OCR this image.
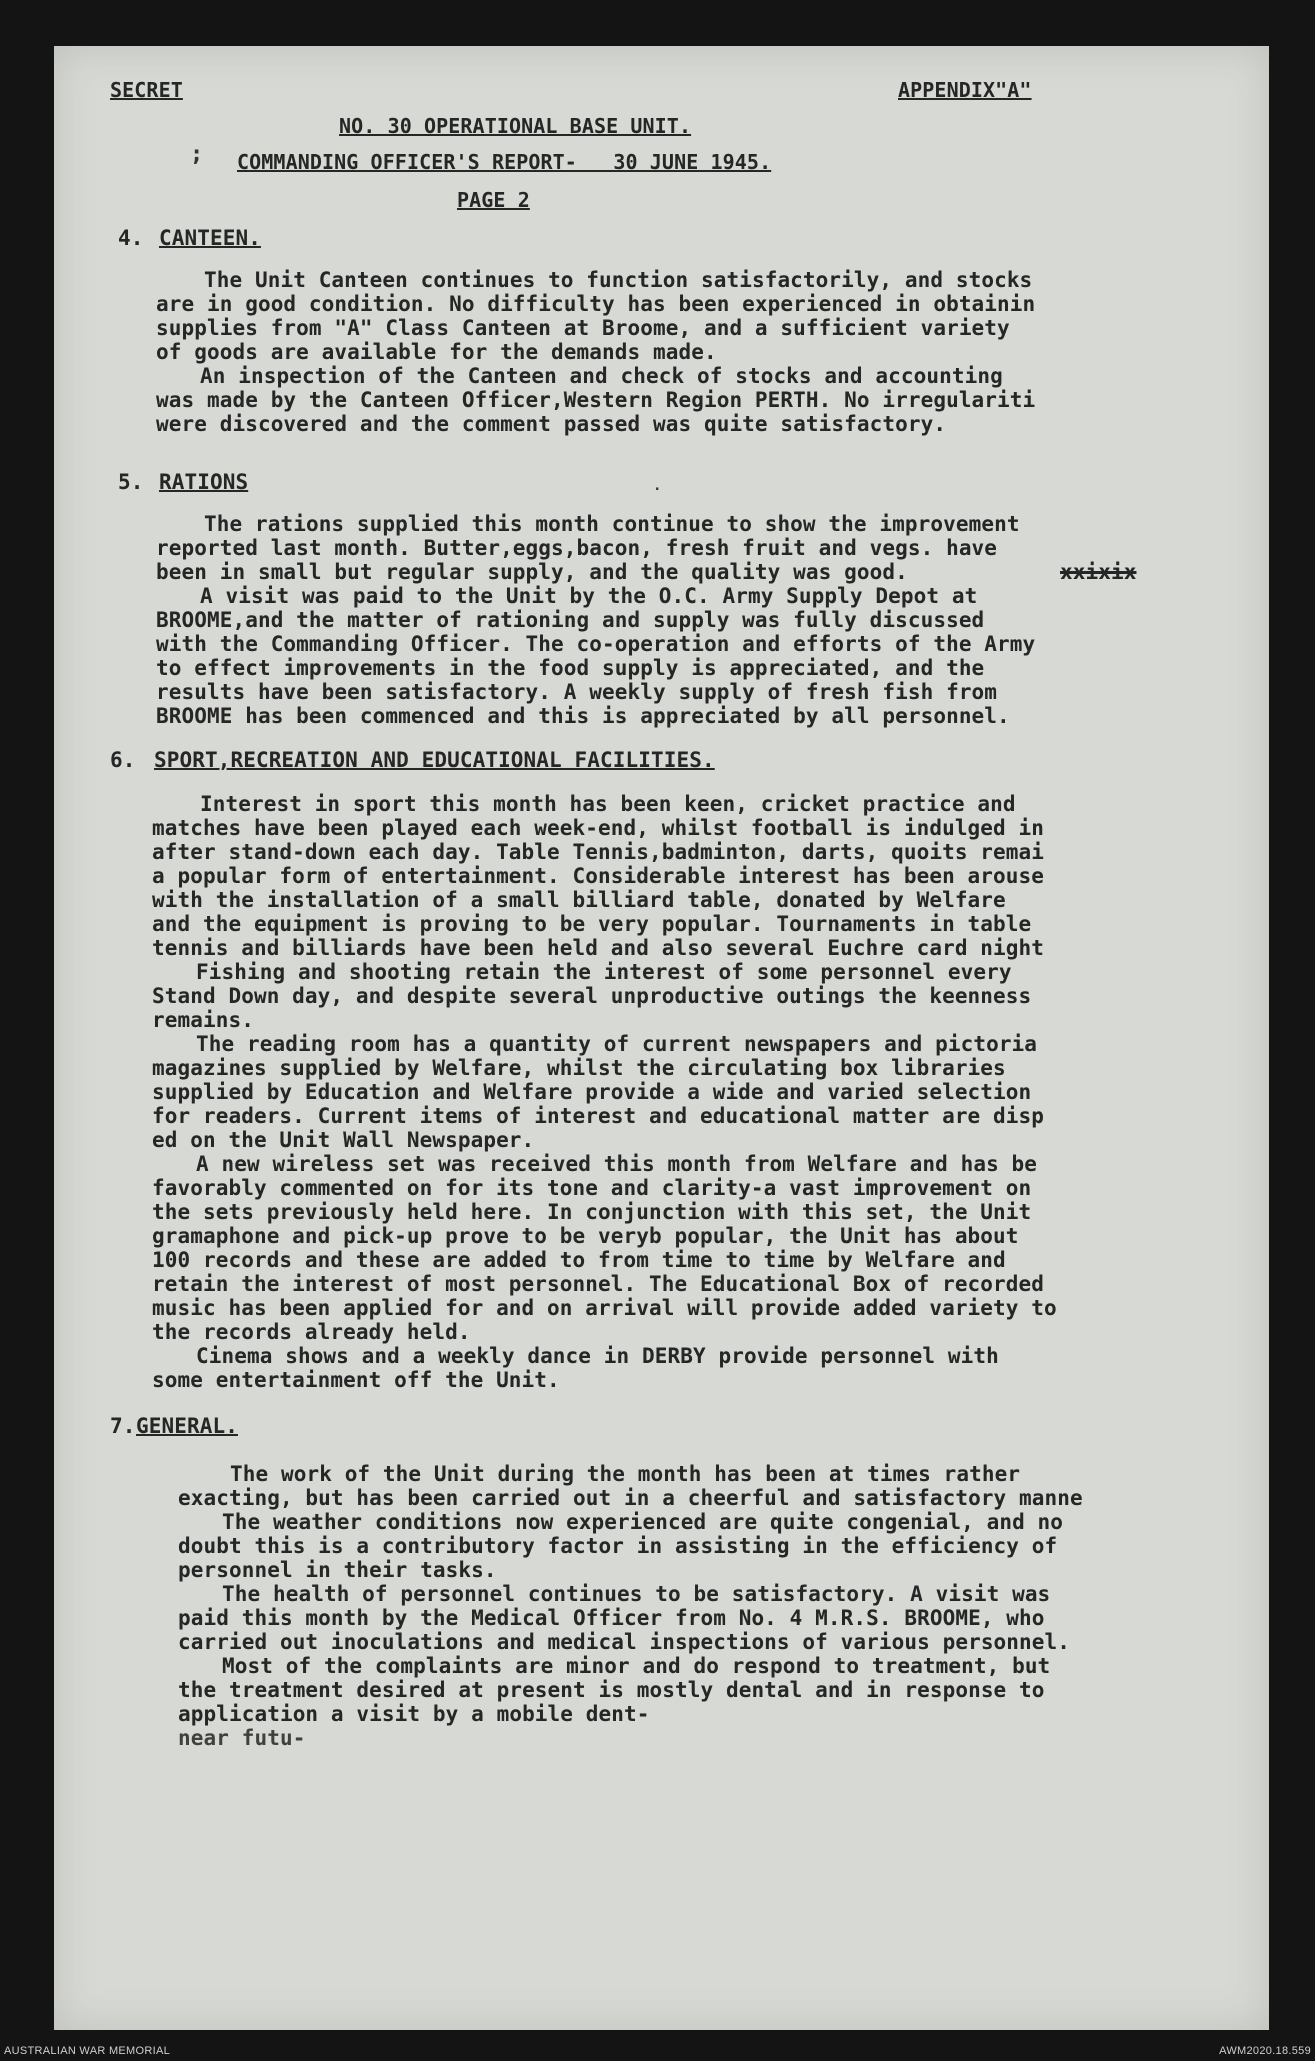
SECRET	APPENDIX"A"
NO. 30 OPERATIONAL BASE UNIT.
COMMANDING OFFICER'S REPORT-   30 JUNE 1945.
PAGE 2
;
4. CANTEEN.
The Unit Canteen continues to function satisfactorily, and stocks
are in good condition. No difficulty has been experienced in obtainin
supplies from "A" Class Canteen at Broome, and a sufficient variety
of goods are available for the demands made.
An inspection of the Canteen and check of stocks and accounting
was made by the Canteen Officer,Western Region PERTH. No irregulariti
were discovered and the comment passed was quite satisfactory.
5. RATIONS	.
The rations supplied this month continue to show the improvement
reported last month. Butter,eggs,bacon, fresh fruit and vegs. have
been in small but regular supply, and the quality was good.	xxixix
A visit was paid to the Unit by the O.C. Army Supply Depot at
BROOME,and the matter of rationing and supply was fully discussed
with the Commanding Officer. The co-operation and efforts of the Army
to effect improvements in the food supply is appreciated, and the
results have been satisfactory. A weekly supply of fresh fish from
BROOME has been commenced and this is appreciated by all personnel.
6. SPORT,RECREATION AND EDUCATIONAL FACILITIES.
Interest in sport this month has been keen, cricket practice and
matches have been played each week-end, whilst football is indulged in
after stand-down each day. Table Tennis,badminton, darts, quoits remai
a popular form of entertainment. Considerable interest has been arouse
with the installation of a small billiard table, donated by Welfare
and the equipment is proving to be very popular. Tournaments in table
tennis and billiards have been held and also several Euchre card night
Fishing and shooting retain the interest of some personnel every
Stand Down day, and despite several unproductive outings the keenness
remains.
The reading room has a quantity of current newspapers and pictoria
magazines supplied by Welfare, whilst the circulating box libraries
supplied by Education and Welfare provide a wide and varied selection
for readers. Current items of interest and educational matter are disp
ed on the Unit Wall Newspaper.
A new wireless set was received this month from Welfare and has be
favorably commented on for its tone and clarity-a vast improvement on
the sets previously held here. In conjunction with this set, the Unit
gramaphone and pick-up prove to be veryb popular, the Unit has about
100 records and these are added to from time to time by Welfare and
retain the interest of most personnel. The Educational Box of recorded
music has been applied for and on arrival will provide added variety to
the records already held.
Cinema shows and a weekly dance in DERBY provide personnel with
some entertainment off the Unit.
7. GENERAL.
The work of the Unit during the month has been at times rather
exacting, but has been carried out in a cheerful and satisfactory manne
The weather conditions now experienced are quite congenial, and no
doubt this is a contributory factor in assisting in the efficiency of
personnel in their tasks.
The health of personnel continues to be satisfactory. A visit was
paid this month by the Medical Officer from No. 4 M.R.S. BROOME, who
carried out inoculations and medical inspections of various personnel.
Most of the complaints are minor and do respond to treatment, but
the treatment desired at present is mostly dental and in response to
application a visit by a mobile dent-
near futu-
AUSTRALIAN WAR MEMORIAL	AWM2020.18.559
